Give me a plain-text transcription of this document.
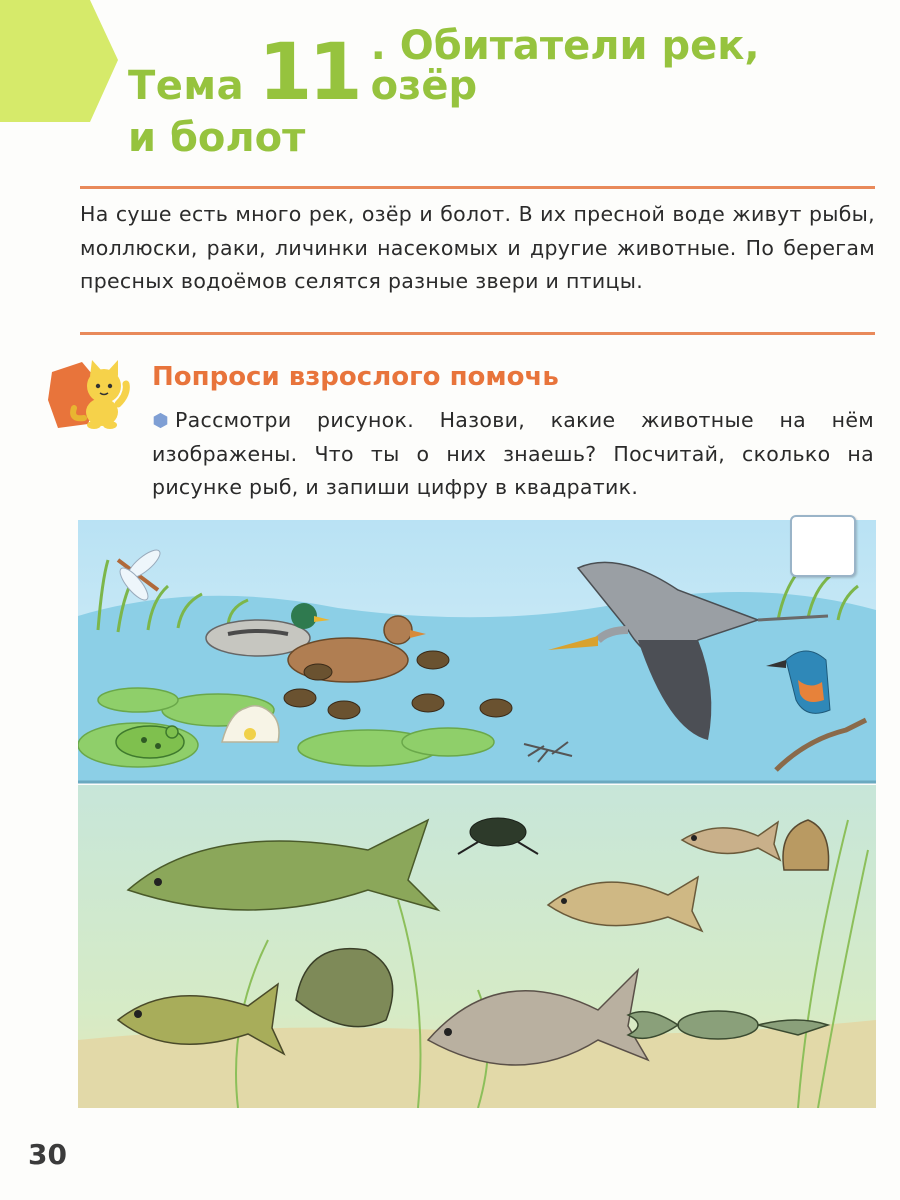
Тема 11 . Обитатели рек, озёр
и болот
На суше есть много рек, озёр и болот. В их пресной воде живут рыбы, моллюски, раки, личинки насекомых и другие животные. По берегам пресных водоёмов селятся разные звери и птицы.
Попроси взрослого помочь
Рассмотри рисунок. Назови, какие животные на нём изображены. Что ты о них знаешь? Посчитай, сколько на рисунке рыб, и запиши цифру в квадратик.
30
